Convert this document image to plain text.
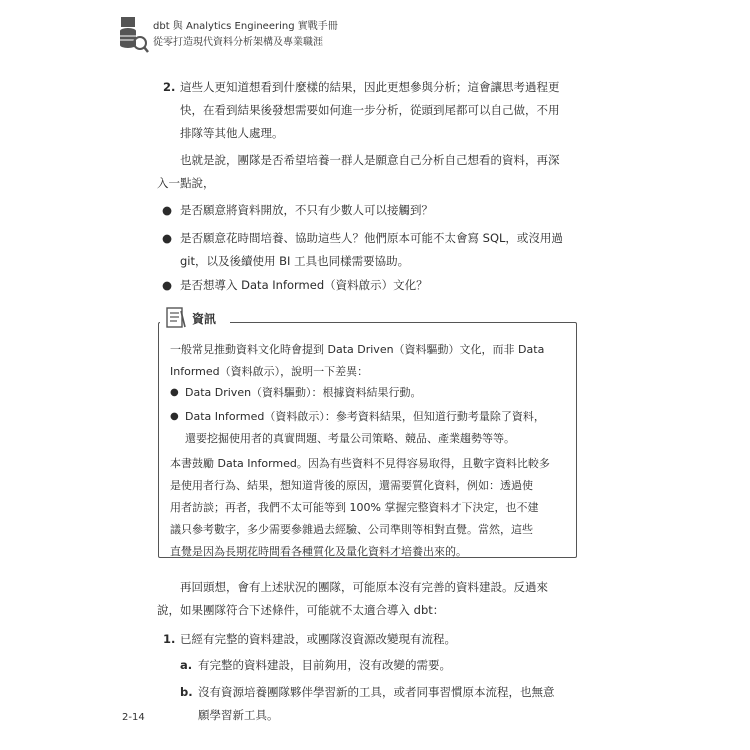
dbt 與 Analytics Engineering 實戰手冊
從零打造現代資料分析架構及專業職涯
2. 這些人更知道想看到什麼樣的結果，因此更想參與分析；這會讓思考過程更

快，在看到結果後發想需要如何進一步分析，從頭到尾都可以自己做，不用

排隊等其他人處理。

也就是說，團隊是否希望培養一群人是願意自己分析自己想看的資料，再深

入一點說，

● 是否願意將資料開放，不只有少數人可以接觸到？

● 是否願意花時間培養、協助這些人？他們原本可能不太會寫 SQL，或沒用過

git，以及後續使用 BI 工具也同樣需要協助。

● 是否想導入 Data Informed（資料啟示）文化？

資訊

一般常見推動資料文化時會提到 Data Driven（資料驅動）文化，而非 Data

Informed（資料啟示），說明一下差異：

● Data Driven（資料驅動）：根據資料結果行動。

● Data Informed（資料啟示）：參考資料結果，但知道行動考量除了資料，

還要挖掘使用者的真實問題、考量公司策略、競品、產業趨勢等等。

本書鼓勵 Data Informed。因為有些資料不見得容易取得，且數字資料比較多

是使用者行為、結果，想知道背後的原因，還需要質化資料，例如：透過使

用者訪談；再者，我們不太可能等到 100% 掌握完整資料才下決定，也不建

議只參考數字，多少需要參雜過去經驗、公司準則等相對直覺。當然，這些

直覺是因為長期花時間看各種質化及量化資料才培養出來的。

再回頭想，會有上述狀況的團隊，可能原本沒有完善的資料建設。反過來

說，如果團隊符合下述條件，可能就不太適合導入 dbt：

1. 已經有完整的資料建設，或團隊沒資源改變現有流程。

a. 有完整的資料建設，目前夠用，沒有改變的需要。

b. 沒有資源培養團隊夥伴學習新的工具，或者同事習慣原本流程，也無意

願學習新工具。

2-14
